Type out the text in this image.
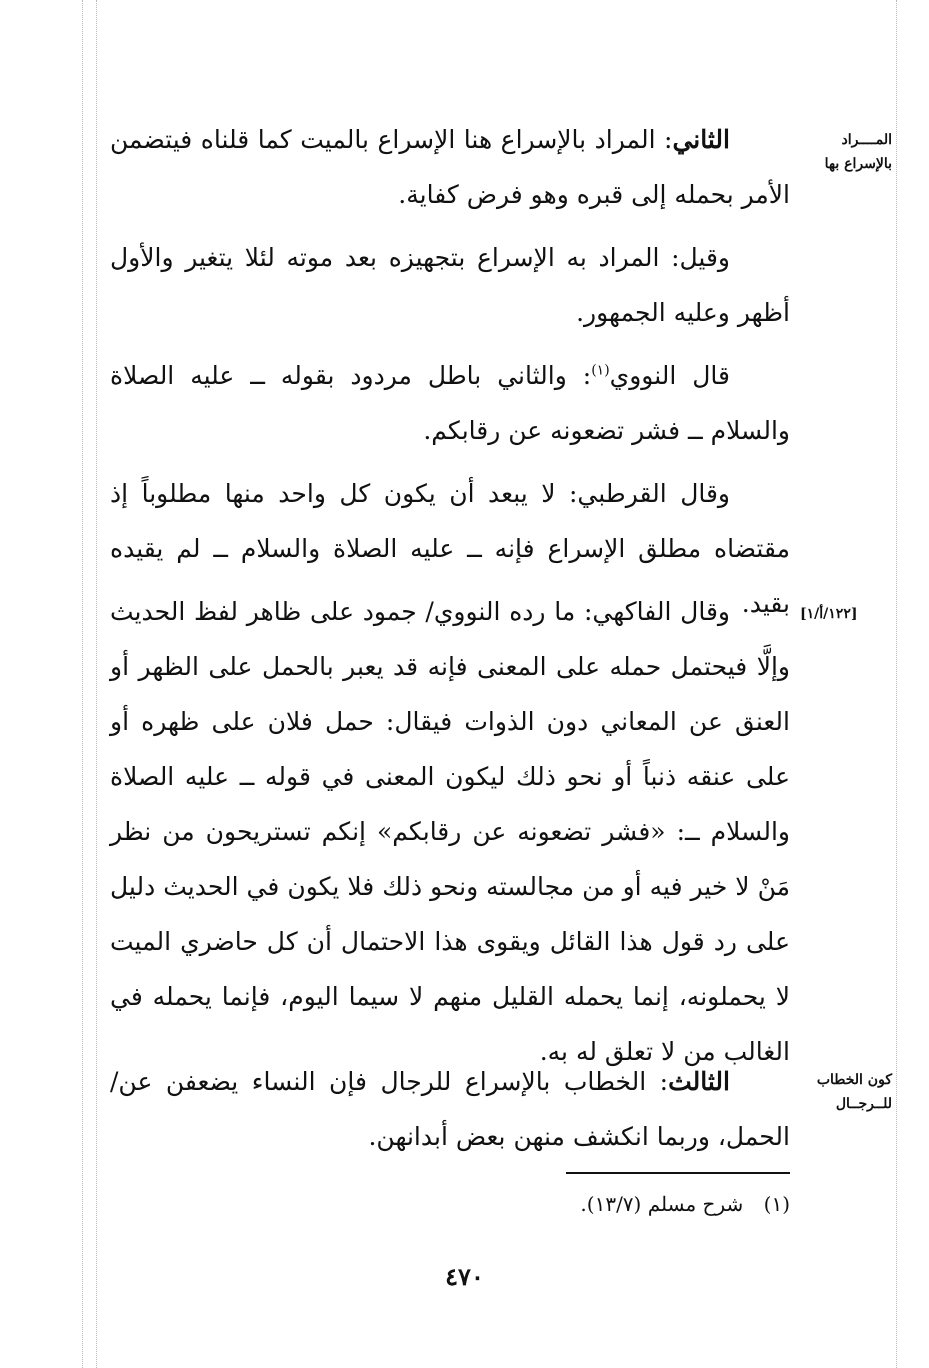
المــــراد
بالإسراع بها
[١٢٢/أ/١]
كون الخطاب
للــرجــال

الثاني: المراد بالإسراع هنا الإسراع بالميت كما قلناه فيتضمن الأمر بحمله إلى قبره وهو فرض كفاية.

وقيل: المراد به الإسراع بتجهيزه بعد موته لئلا يتغير والأول أظهر وعليه الجمهور.

قال النووي$^{(١)}$: والثاني باطل مردود بقوله ــ عليه الصلاة والسلام ــ فشر تضعونه عن رقابكم.

وقال القرطبي: لا يبعد أن يكون كل واحد منها مطلوباً إذ مقتضاه مطلق الإسراع فإنه ــ عليه الصلاة والسلام ــ لم يقيده بقيد.

وقال الفاكهي: ما رده النووي/ جمود على ظاهر لفظ الحديث وإلَّا فيحتمل حمله على المعنى فإنه قد يعبر بالحمل على الظهر أو العنق عن المعاني دون الذوات فيقال: حمل فلان على ظهره أو على عنقه ذنباً أو نحو ذلك ليكون المعنى في قوله ــ عليه الصلاة والسلام ــ: «فشر تضعونه عن رقابكم» إنكم تستريحون من نظر مَنْ لا خير فيه أو من مجالسته ونحو ذلك فلا يكون في الحديث دليل على رد قول هذا القائل ويقوى هذا الاحتمال أن كل حاضري الميت لا يحملونه، إنما يحمله القليل منهم لا سيما اليوم، فإنما يحمله في الغالب من لا تعلق له به.

الثالث: الخطاب بالإسراع للرجال فإن النساء يضعفن عن/ الحمل، وربما انكشف منهن بعض أبدانهن.

(١) شرح مسلم (١٣/٧).
٤٧٠
